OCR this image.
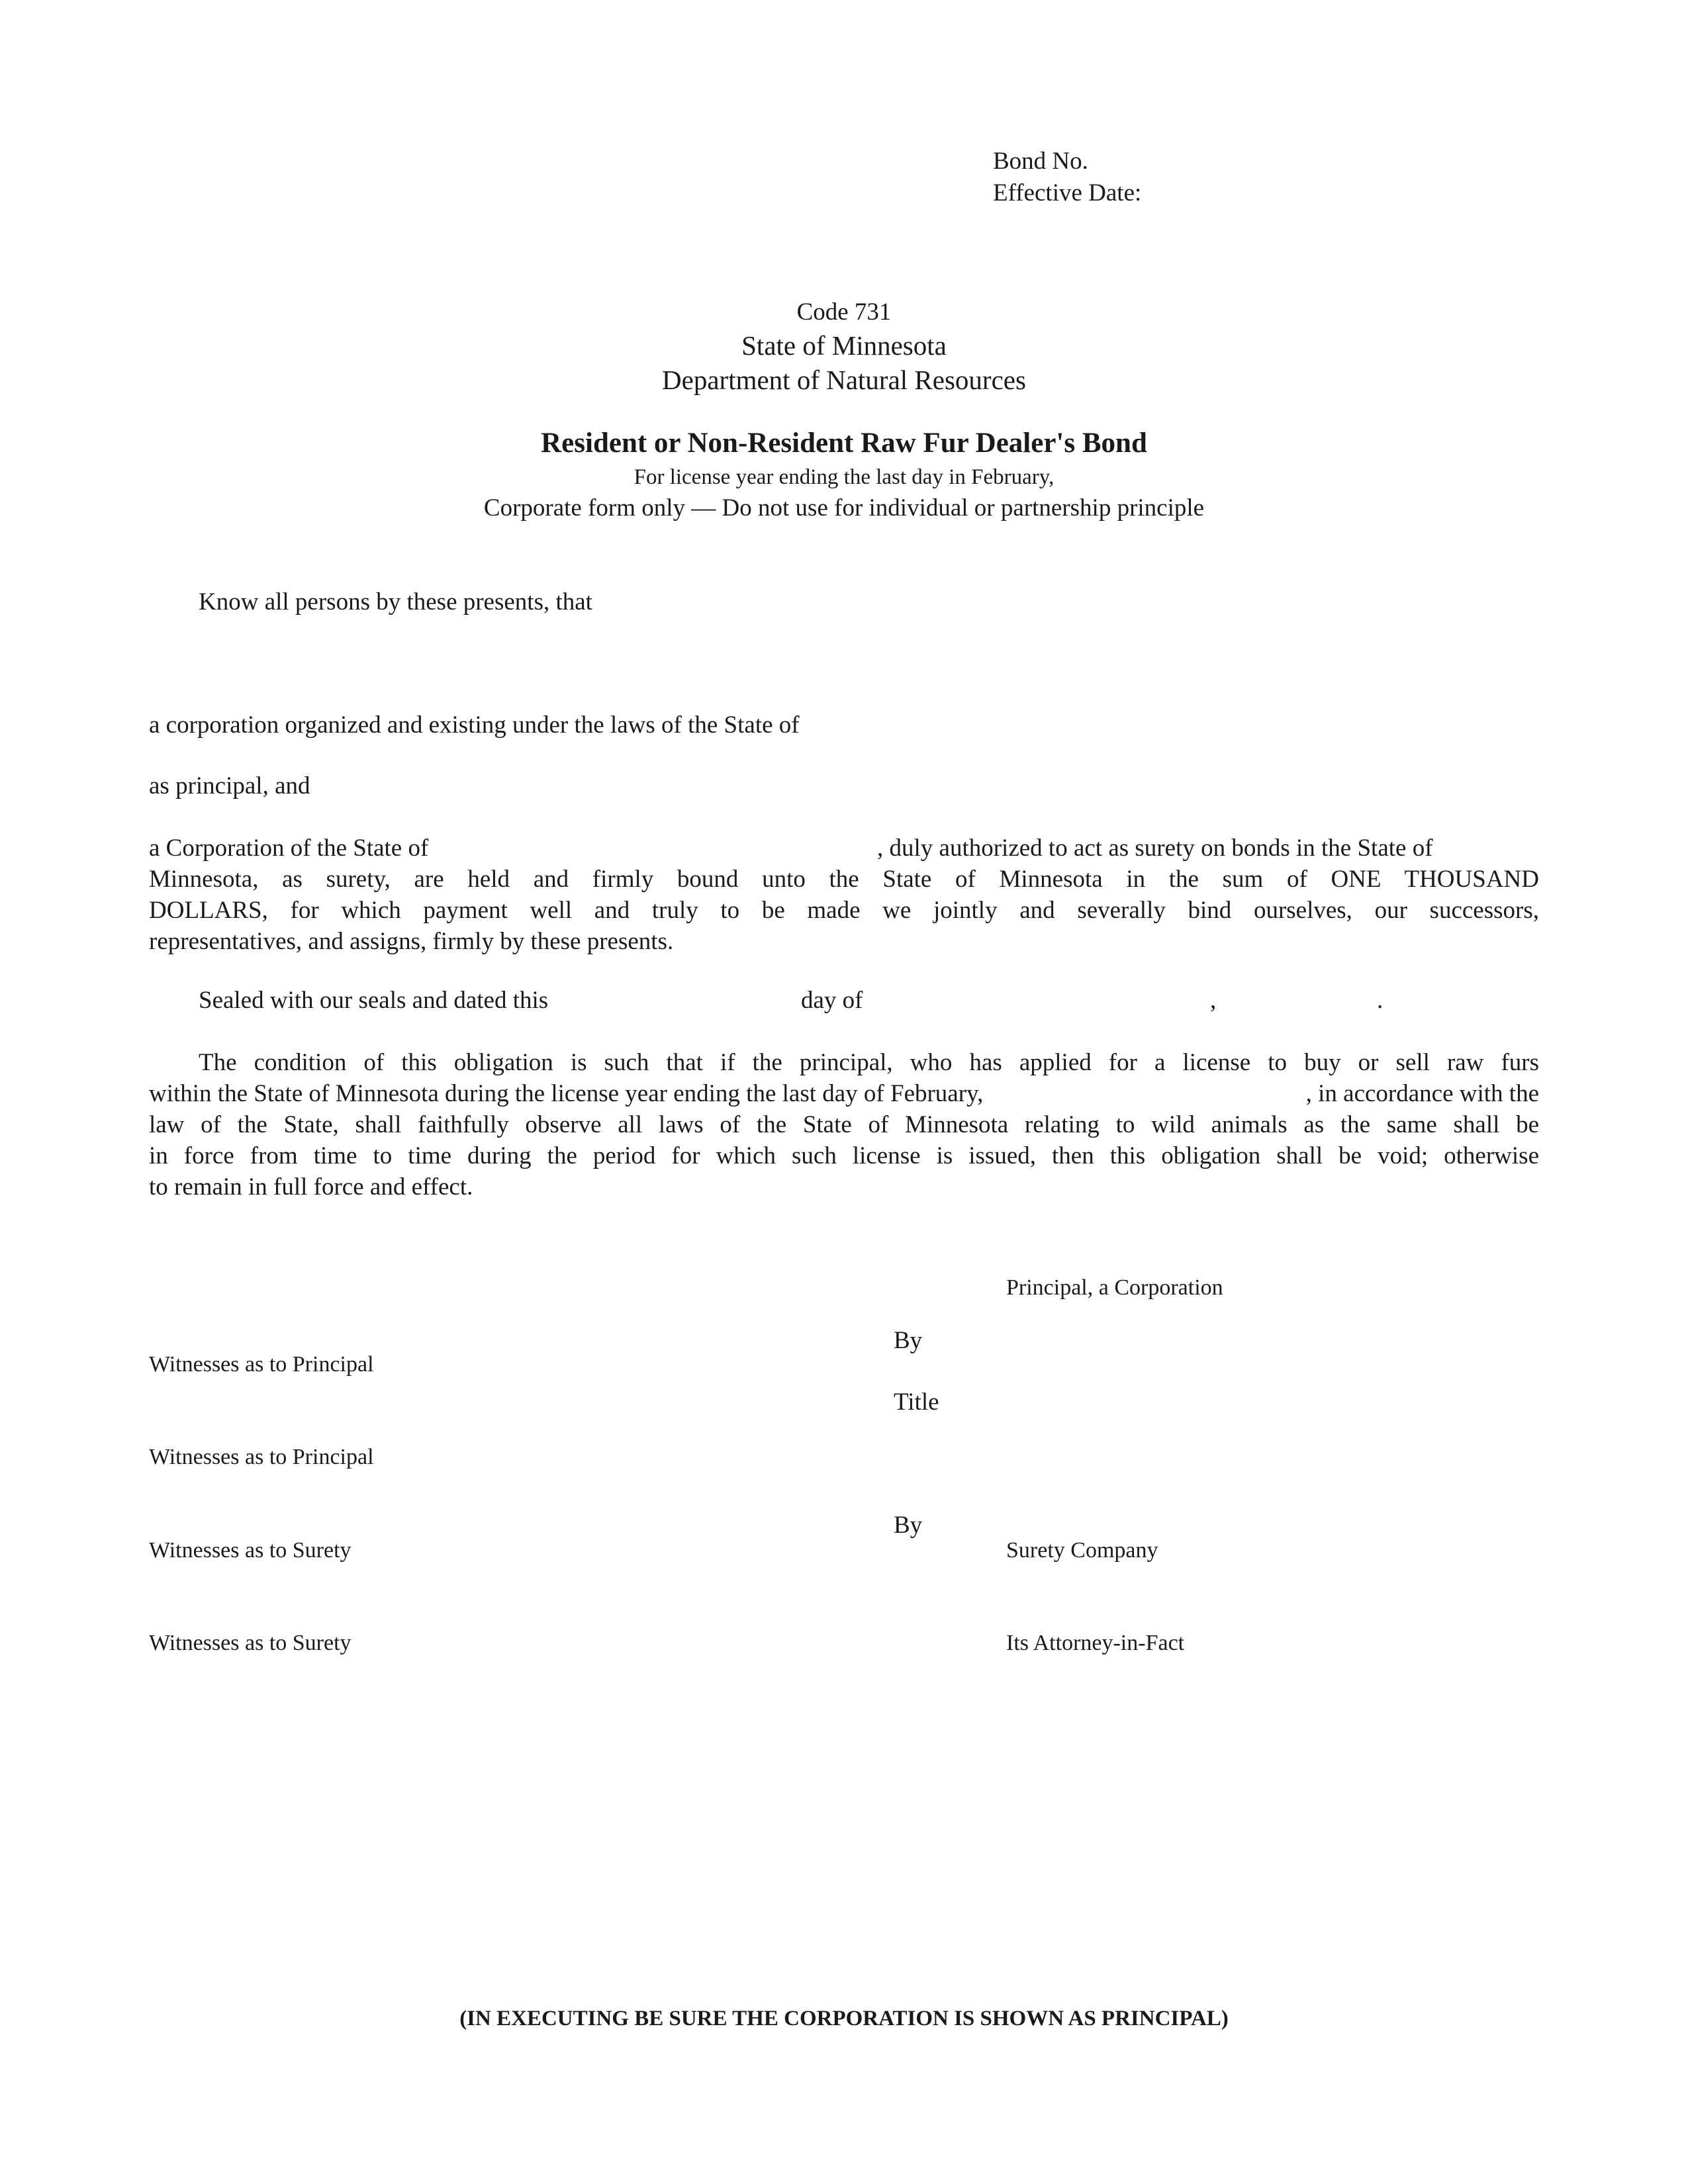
Bond No.
Effective Date:
Code 731
State of Minnesota
Department of Natural Resources
Resident or Non-Resident Raw Fur Dealer's Bond
For license year ending the last day in February,
Corporate form only — Do not use for individual or partnership principle
Know all persons by these presents, that
a corporation organized and existing under the laws of the State of
as principal, and
a Corporation of the State of	, duly authorized to act as surety on bonds in the State of
Minnesota, as surety, are held and firmly bound unto the State of Minnesota in the sum of ONE THOUSAND
DOLLARS, for which payment well and truly to be made we jointly and severally bind ourselves, our successors,
representatives, and assigns, firmly by these presents.
Sealed with our seals and dated this	day of	,	.
The condition of this obligation is such that if the principal, who has applied for a license to buy or sell raw furs
within the State of Minnesota during the license year ending the last day of February,	, in accordance with the
law of the State, shall faithfully observe all laws of the State of Minnesota relating to wild animals as the same shall be
in force from time to time during the period for which such license is issued, then this obligation shall be void; otherwise
to remain in full force and effect.
Principal, a Corporation
By
Witnesses as to Principal
Title
Witnesses as to Principal
By
Witnesses as to Surety	Surety Company
Witnesses as to Surety	Its Attorney-in-Fact
(IN EXECUTING BE SURE THE CORPORATION IS SHOWN AS PRINCIPAL)
